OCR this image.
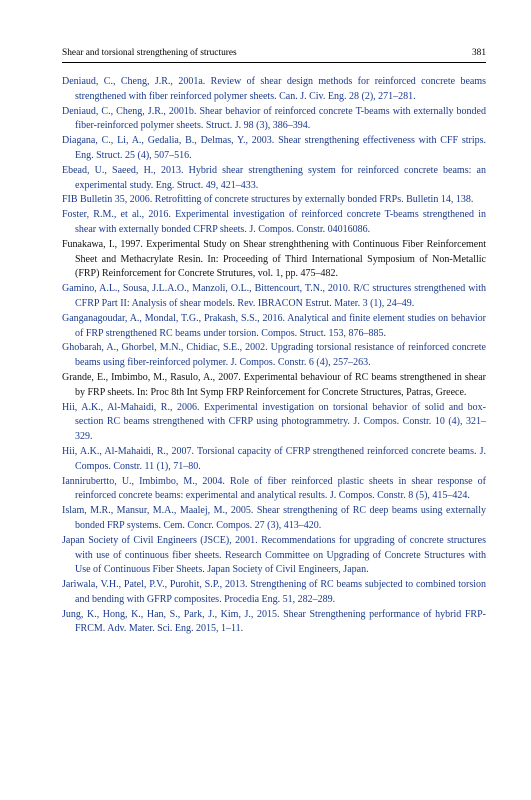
Shear and torsional strengthening of structures	381
Deniaud, C., Cheng, J.R., 2001a. Review of shear design methods for reinforced concrete beams strengthened with fiber reinforced polymer sheets. Can. J. Civ. Eng. 28 (2), 271–281.
Deniaud, C., Cheng, J.R., 2001b. Shear behavior of reinforced concrete T-beams with externally bonded fiber-reinforced polymer sheets. Struct. J. 98 (3), 386–394.
Diagana, C., Li, A., Gedalia, B., Delmas, Y., 2003. Shear strengthening effectiveness with CFF strips. Eng. Struct. 25 (4), 507–516.
Ebead, U., Saeed, H., 2013. Hybrid shear strengthening system for reinforced concrete beams: an experimental study. Eng. Struct. 49, 421–433.
FIB Bulletin 35, 2006. Retrofitting of concrete structures by externally bonded FRPs. Bulletin 14, 138.
Foster, R.M., et al., 2016. Experimental investigation of reinforced concrete T-beams strengthened in shear with externally bonded CFRP sheets. J. Compos. Constr. 04016086.
Funakawa, I., 1997. Experimental Study on Shear strenghthening with Continuous Fiber Reinforcement Sheet and Methacrylate Resin. In: Proceeding of Third International Symposium of Non-Metallic (FRP) Reinforcement for Concrete Strutures, vol. 1, pp. 475–482.
Gamino, A.L., Sousa, J.L.A.O., Manzoli, O.L., Bittencourt, T.N., 2010. R/C structures strengthened with CFRP Part II: Analysis of shear models. Rev. IBRACON Estrut. Mater. 3 (1), 24–49.
Ganganagoudar, A., Mondal, T.G., Prakash, S.S., 2016. Analytical and finite element studies on behavior of FRP strengthened RC beams under torsion. Compos. Struct. 153, 876–885.
Ghobarah, A., Ghorbel, M.N., Chidiac, S.E., 2002. Upgrading torsional resistance of reinforced concrete beams using fiber-reinforced polymer. J. Compos. Constr. 6 (4), 257–263.
Grande, E., Imbimbo, M., Rasulo, A., 2007. Experimental behaviour of RC beams strengthened in shear by FRP sheets. In: Proc 8th Int Symp FRP Reinforcement for Concrete Structures, Patras, Greece.
Hii, A.K., Al-Mahaidi, R., 2006. Experimental investigation on torsional behavior of solid and box-section RC beams strengthened with CFRP using photogrammetry. J. Compos. Constr. 10 (4), 321–329.
Hii, A.K., Al-Mahaidi, R., 2007. Torsional capacity of CFRP strengthened reinforced concrete beams. J. Compos. Constr. 11 (1), 71–80.
Iannirubertto, U., Imbimbo, M., 2004. Role of fiber reinforced plastic sheets in shear response of reinforced concrete beams: experimental and analytical results. J. Compos. Constr. 8 (5), 415–424.
Islam, M.R., Mansur, M.A., Maalej, M., 2005. Shear strengthening of RC deep beams using externally bonded FRP systems. Cem. Concr. Compos. 27 (3), 413–420.
Japan Society of Civil Engineers (JSCE), 2001. Recommendations for upgrading of concrete structures with use of continuous fiber sheets. Research Committee on Upgrading of Concrete Structures with Use of Continuous Fiber Sheets. Japan Society of Civil Engineers, Japan.
Jariwala, V.H., Patel, P.V., Purohit, S.P., 2013. Strengthening of RC beams subjected to combined torsion and bending with GFRP composites. Procedia Eng. 51, 282–289.
Jung, K., Hong, K., Han, S., Park, J., Kim, J., 2015. Shear Strengthening performance of hybrid FRP-FRCM. Adv. Mater. Sci. Eng. 2015, 1–11.
